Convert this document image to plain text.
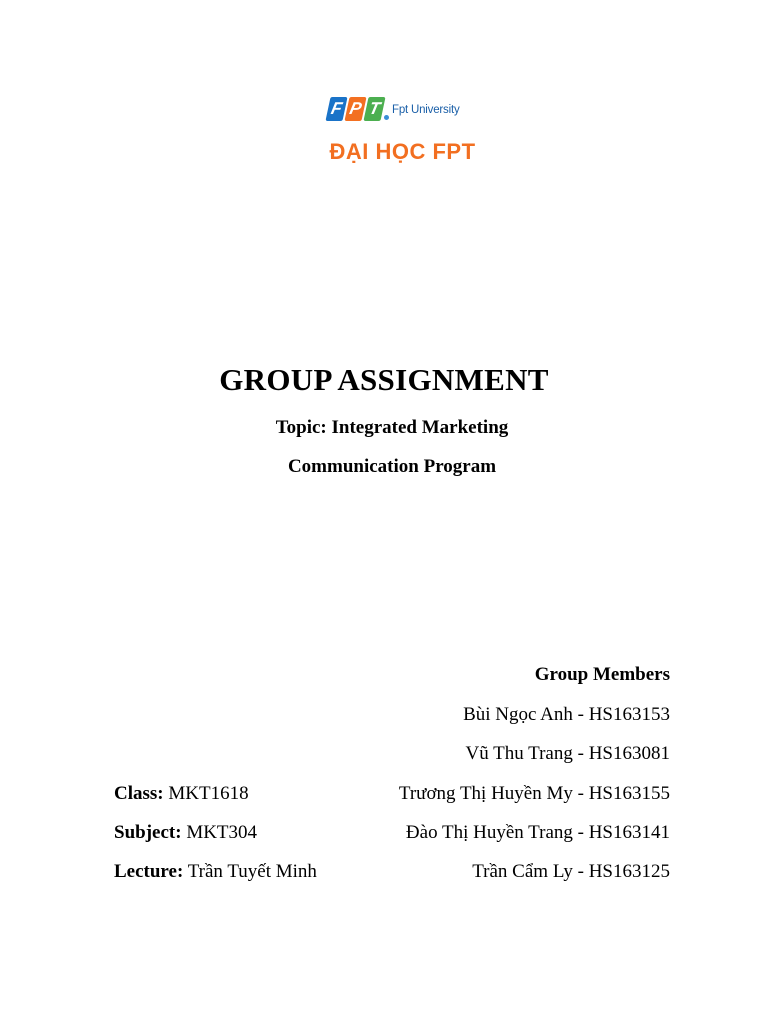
F P T Fpt University
ĐẠI HỌC FPT
GROUP ASSIGNMENT
Topic: Integrated Marketing
Communication Program
Group Members
Bùi Ngọc Anh - HS163153
Vũ Thu Trang - HS163081
Trương Thị Huyền My - HS163155
Đào Thị Huyền Trang - HS163141
Trần Cẩm Ly - HS163125
Class: MKT1618
Subject: MKT304
Lecture: Trần Tuyết Minh
